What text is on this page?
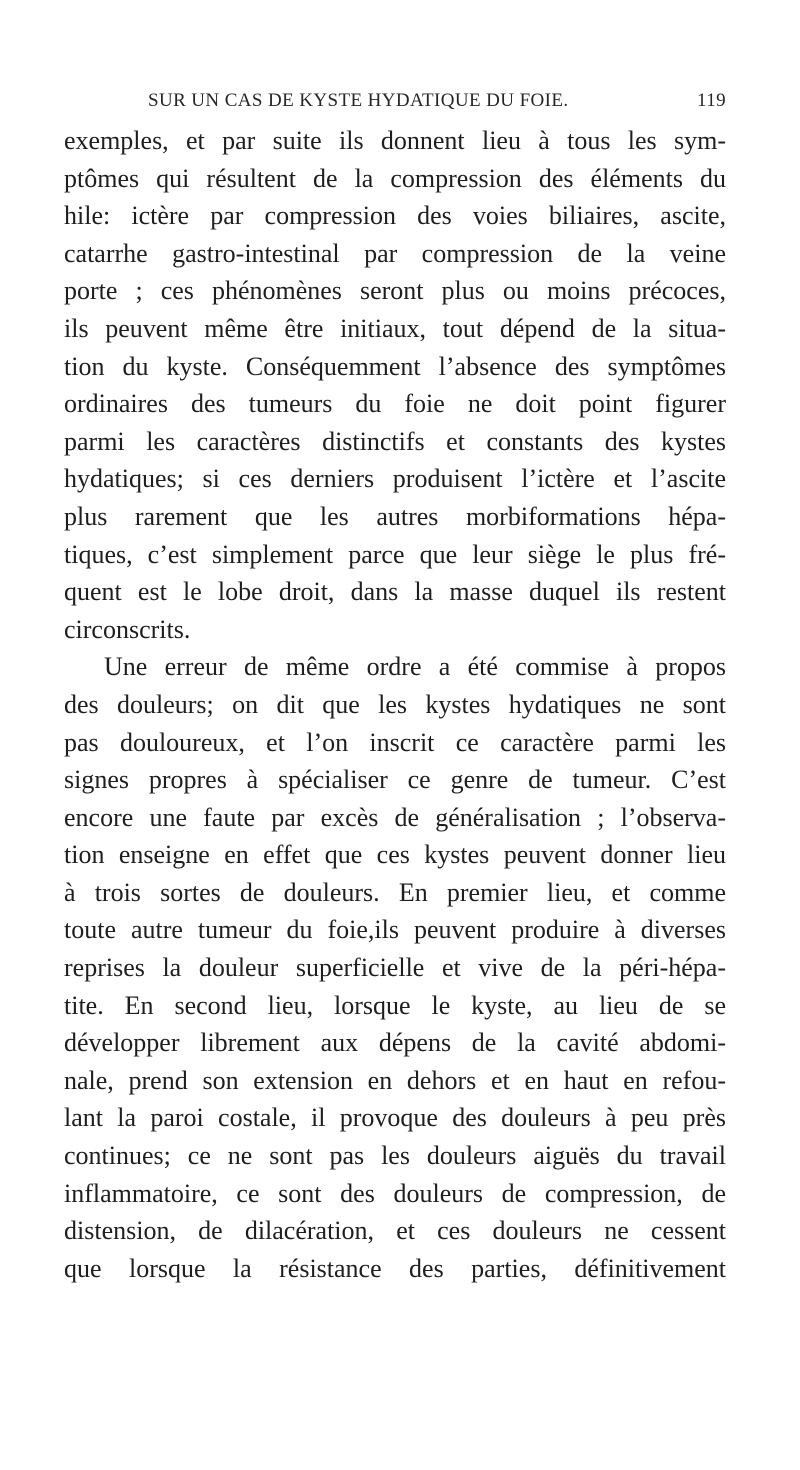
SUR UN CAS DE KYSTE HYDATIQUE DU FOIE.	119
exemples, et par suite ils donnent lieu à tous les sym-
ptômes qui résultent de la compression des éléments du
hile: ictère par compression des voies biliaires, ascite,
catarrhe gastro-intestinal par compression de la veine
porte ; ces phénomènes seront plus ou moins précoces,
ils peuvent même être initiaux, tout dépend de la situa-
tion du kyste. Conséquemment l’absence des symptômes
ordinaires des tumeurs du foie ne doit point figurer
parmi les caractères distinctifs et constants des kystes
hydatiques; si ces derniers produisent l’ictère et l’ascite
plus rarement que les autres morbiformations hépa-
tiques, c’est simplement parce que leur siège le plus fré-
quent est le lobe droit, dans la masse duquel ils restent
circonscrits.
Une erreur de même ordre a été commise à propos
des douleurs; on dit que les kystes hydatiques ne sont
pas douloureux, et l’on inscrit ce caractère parmi les
signes propres à spécialiser ce genre de tumeur. C’est
encore une faute par excès de généralisation ; l’observa-
tion enseigne en effet que ces kystes peuvent donner lieu
à trois sortes de douleurs. En premier lieu, et comme
toute autre tumeur du foie,ils peuvent produire à diverses
reprises la douleur superficielle et vive de la péri-hépa-
tite. En second lieu, lorsque le kyste, au lieu de se
développer librement aux dépens de la cavité abdomi-
nale, prend son extension en dehors et en haut en refou-
lant la paroi costale, il provoque des douleurs à peu près
continues; ce ne sont pas les douleurs aiguës du travail
inflammatoire, ce sont des douleurs de compression, de
distension, de dilacération, et ces douleurs ne cessent
que lorsque la résistance des parties, définitivement
